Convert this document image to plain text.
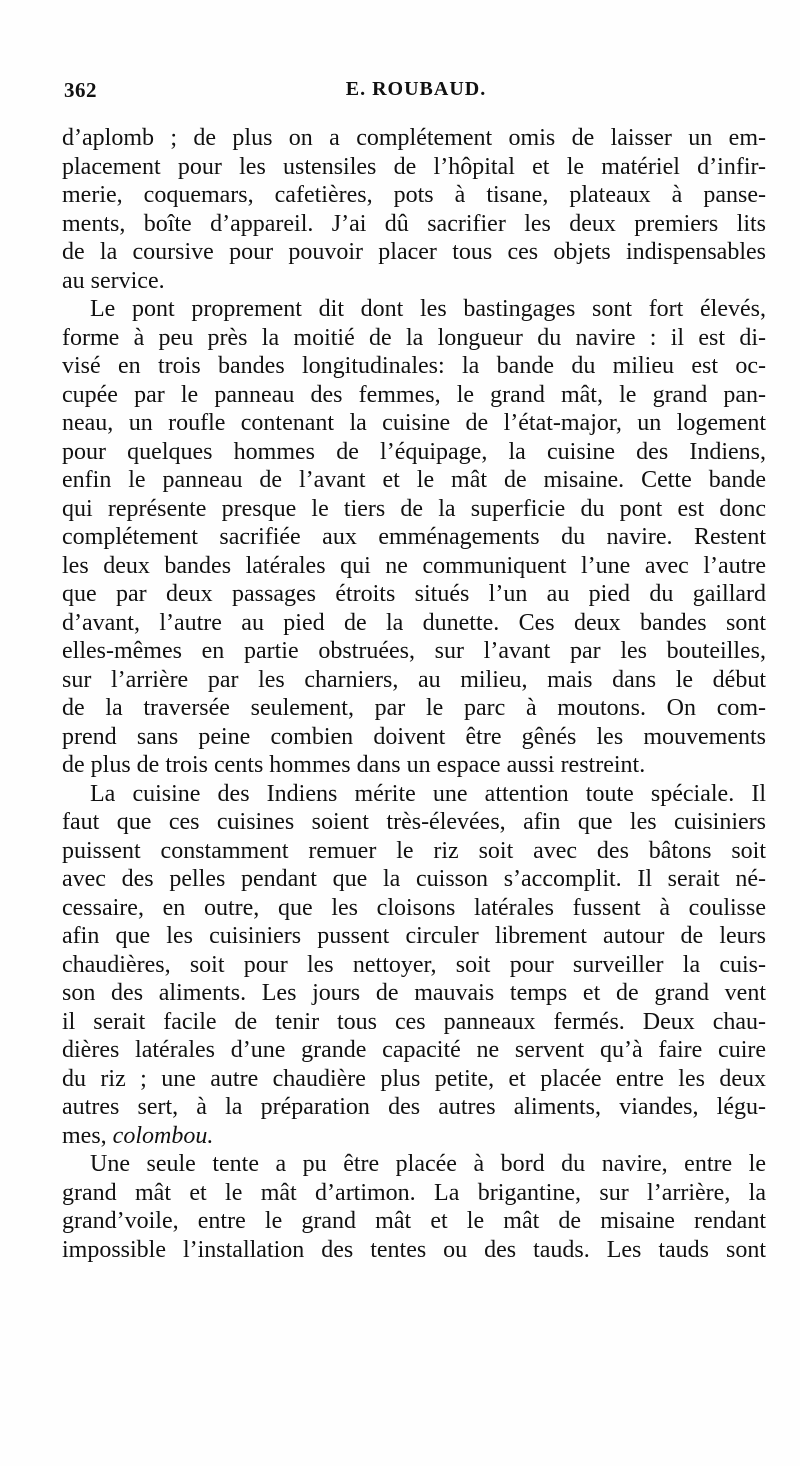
362	E. ROUBAUD.
d’aplomb ; de plus on a complétement omis de laisser un em-
placement pour les ustensiles de l’hôpital et le matériel d’infir-
merie, coquemars, cafetières, pots à tisane, plateaux à panse-
ments, boîte d’appareil. J’ai dû sacrifier les deux premiers lits
de la coursive pour pouvoir placer tous ces objets indispensables
au service.
Le pont proprement dit dont les bastingages sont fort élevés,
forme à peu près la moitié de la longueur du navire : il est di-
visé en trois bandes longitudinales: la bande du milieu est oc-
cupée par le panneau des femmes, le grand mât, le grand pan-
neau, un roufle contenant la cuisine de l’état-major, un logement
pour quelques hommes de l’équipage, la cuisine des Indiens,
enfin le panneau de l’avant et le mât de misaine. Cette bande
qui représente presque le tiers de la superficie du pont est donc
complétement sacrifiée aux emménagements du navire. Restent
les deux bandes latérales qui ne communiquent l’une avec l’autre
que par deux passages étroits situés l’un au pied du gaillard
d’avant, l’autre au pied de la dunette. Ces deux bandes sont
elles-mêmes en partie obstruées, sur l’avant par les bouteilles,
sur l’arrière par les charniers, au milieu, mais dans le début
de la traversée seulement, par le parc à moutons. On com-
prend sans peine combien doivent être gênés les mouvements
de plus de trois cents hommes dans un espace aussi restreint.
La cuisine des Indiens mérite une attention toute spéciale. Il
faut que ces cuisines soient très-élevées, afin que les cuisiniers
puissent constamment remuer le riz soit avec des bâtons soit
avec des pelles pendant que la cuisson s’accomplit. Il serait né-
cessaire, en outre, que les cloisons latérales fussent à coulisse
afin que les cuisiniers pussent circuler librement autour de leurs
chaudières, soit pour les nettoyer, soit pour surveiller la cuis-
son des aliments. Les jours de mauvais temps et de grand vent
il serait facile de tenir tous ces panneaux fermés. Deux chau-
dières latérales d’une grande capacité ne servent qu’à faire cuire
du riz ; une autre chaudière plus petite, et placée entre les deux
autres sert, à la préparation des autres aliments, viandes, légu-
mes, colombou.
Une seule tente a pu être placée à bord du navire, entre le
grand mât et le mât d’artimon. La brigantine, sur l’arrière, la
grand’voile, entre le grand mât et le mât de misaine rendant
impossible l’installation des tentes ou des tauds. Les tauds sont
